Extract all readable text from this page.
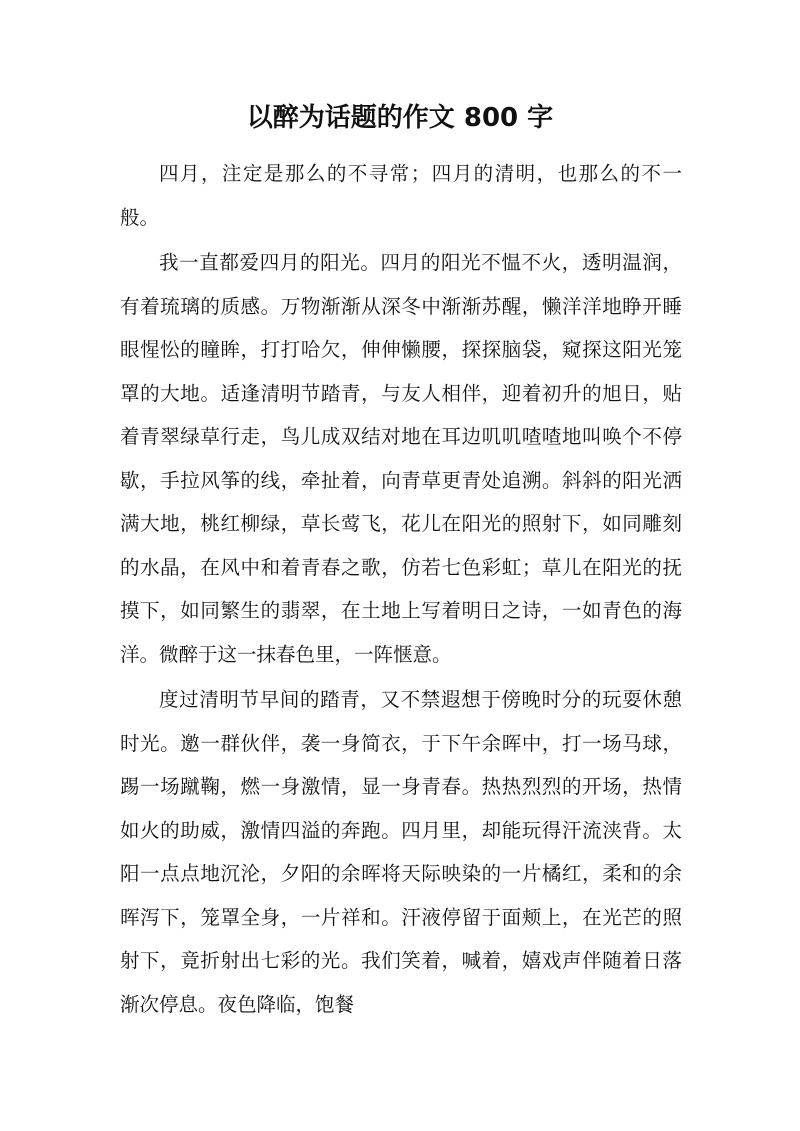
以醉为话题的作文 800 字

四月，注定是那么的不寻常；四月的清明，也那么的不一般。

我一直都爱四月的阳光。四月的阳光不愠不火，透明温润，有着琉璃的质感。万物渐渐从深冬中渐渐苏醒，懒洋洋地睁开睡眼惺忪的瞳眸，打打哈欠，伸伸懒腰，探探脑袋，窥探这阳光笼罩的大地。适逢清明节踏青，与友人相伴，迎着初升的旭日，贴着青翠绿草行走，鸟儿成双结对地在耳边叽叽喳喳地叫唤个不停歇，手拉风筝的线，牵扯着，向青草更青处追溯。斜斜的阳光洒满大地，桃红柳绿，草长莺飞，花儿在阳光的照射下，如同雕刻的水晶，在风中和着青春之歌，仿若七色彩虹；草儿在阳光的抚摸下，如同繁生的翡翠，在土地上写着明日之诗，一如青色的海洋。微醉于这一抹春色里，一阵惬意。

度过清明节早间的踏青，又不禁遐想于傍晚时分的玩耍休憩时光。邀一群伙伴，袭一身简衣，于下午余晖中，打一场马球，踢一场蹴鞠，燃一身激情，显一身青春。热热烈烈的开场，热情如火的助威，激情四溢的奔跑。四月里，却能玩得汗流浃背。太阳一点点地沉沦，夕阳的余晖将天际映染的一片橘红，柔和的余晖泻下，笼罩全身，一片祥和。汗液停留于面颊上，在光芒的照射下，竟折射出七彩的光。我们笑着，喊着，嬉戏声伴随着日落渐次停息。夜色降临，饱餐
